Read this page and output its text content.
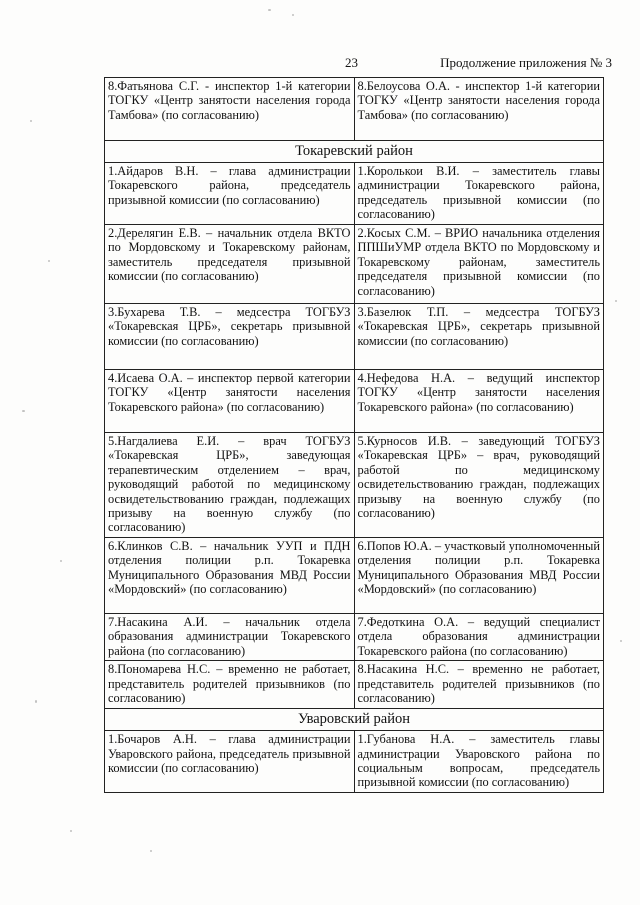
23	Продолжение приложения № 3
8.Фатьянова С.Г. - инспектор 1-й категории ТОГКУ «Центр занятости населения города Тамбова» (по согласованию)	8.Белоусова О.А. - инспектор 1-й категории ТОГКУ «Центр занятости населения города Тамбова» (по согласованию)
Токаревский район	
1.Айдаров В.Н. – глава администрации Токаревского района, председатель призывной комиссии (по согласованию)	1.Королькои В.И. – заместитель главы администрации Токаревского района, председатель призывной комиссии (по согласованию)
2.Дерелягин Е.В. – начальник отдела ВКТО по Мордовскому и Токаревскому районам, заместитель председателя призывной комиссии (по согласованию)	2.Косых С.М. – ВРИО начальника отделения ППШиУМР отдела ВКТО по Мордовскому и Токаревскому районам, заместитель председателя призывной комиссии (по согласованию)
3.Бухарева Т.В. – медсестра ТОГБУЗ «Токаревская ЦРБ», секретарь призывной комиссии (по согласованию)	3.Базелюк Т.П. – медсестра ТОГБУЗ «Токаревская ЦРБ», секретарь призывной комиссии (по согласованию)
4.Исаева О.А. – инспектор первой категории ТОГКУ «Центр занятости населения Токаревского района» (по согласованию)	4.Нефедова Н.А. – ведущий инспектор ТОГКУ «Центр занятости населения Токаревского района» (по согласованию)
5.Нагдалиева Е.И. – врач ТОГБУЗ «Токаревская ЦРБ», заведующая терапевтическим отделением – врач, руководящий работой по медицинскому освидетельствованию граждан, подлежащих призыву на военную службу (по согласованию)	5.Курносов И.В. – заведующий ТОГБУЗ «Токаревская ЦРБ» – врач, руководящий работой по медицинскому освидетельствованию граждан, подлежащих призыву на военную службу (по согласованию)
6.Клинков С.В. – начальник УУП и ПДН отделения полиции р.п. Токаревка Муниципального Образования МВД России «Мордовский» (по согласованию)	6.Попов Ю.А. – участковый уполномоченный отделения полиции р.п. Токаревка Муниципального Образования МВД России «Мордовский» (по согласованию)
7.Насакина А.И. – начальник отдела образования администрации Токаревского района (по согласованию)	7.Федоткина О.А. – ведущий специалист отдела образования администрации Токаревского района (по согласованию)
8.Пономарева Н.С. – временно не работает, представитель родителей призывников (по согласованию)	8.Насакина Н.С. – временно не работает, представитель родителей призывников (по согласованию)
Уваровский район	
1.Бочаров А.Н. – глава администрации Уваровского района, председатель призывной комиссии (по согласованию)	1.Губанова Н.А. – заместитель главы администрации Уваровского района по социальным вопросам, председатель призывной комиссии (по согласованию)
